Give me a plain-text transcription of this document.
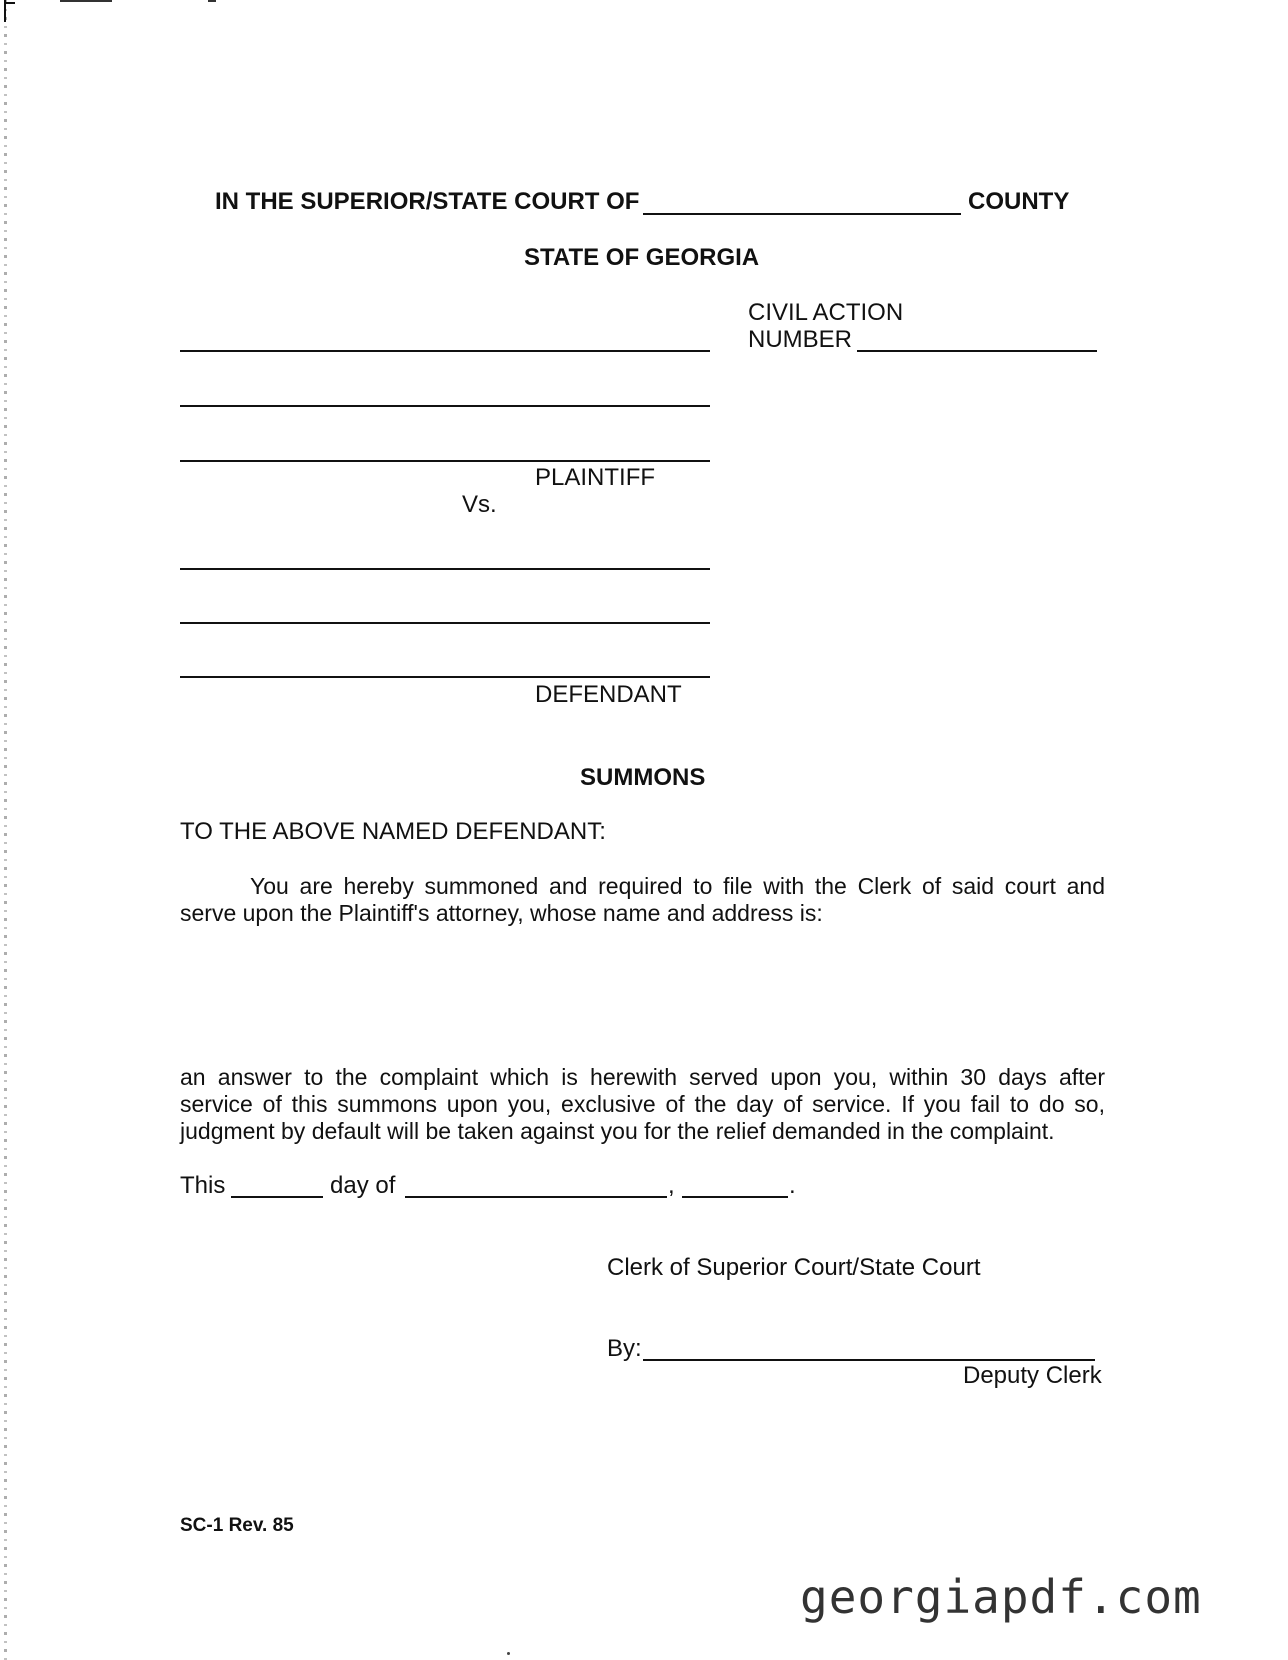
IN THE SUPERIOR/STATE COURT OF	COUNTY
STATE OF GEORGIA
CIVIL ACTION
NUMBER
PLAINTIFF
Vs.
DEFENDANT
SUMMONS
TO THE ABOVE NAMED DEFENDANT:
You are hereby summoned and required to file with the Clerk of said court and
serve upon the Plaintiff's attorney, whose name and address is:
an answer to the complaint which is herewith served upon you, within 30 days after
service of this summons upon you, exclusive of the day of service. If you fail to do so,
judgment by default will be taken against you for the relief demanded in the complaint.
This	day of	,	.
Clerk of Superior Court/State Court
By:
Deputy Clerk
SC-1 Rev. 85
georgiapdf.com
